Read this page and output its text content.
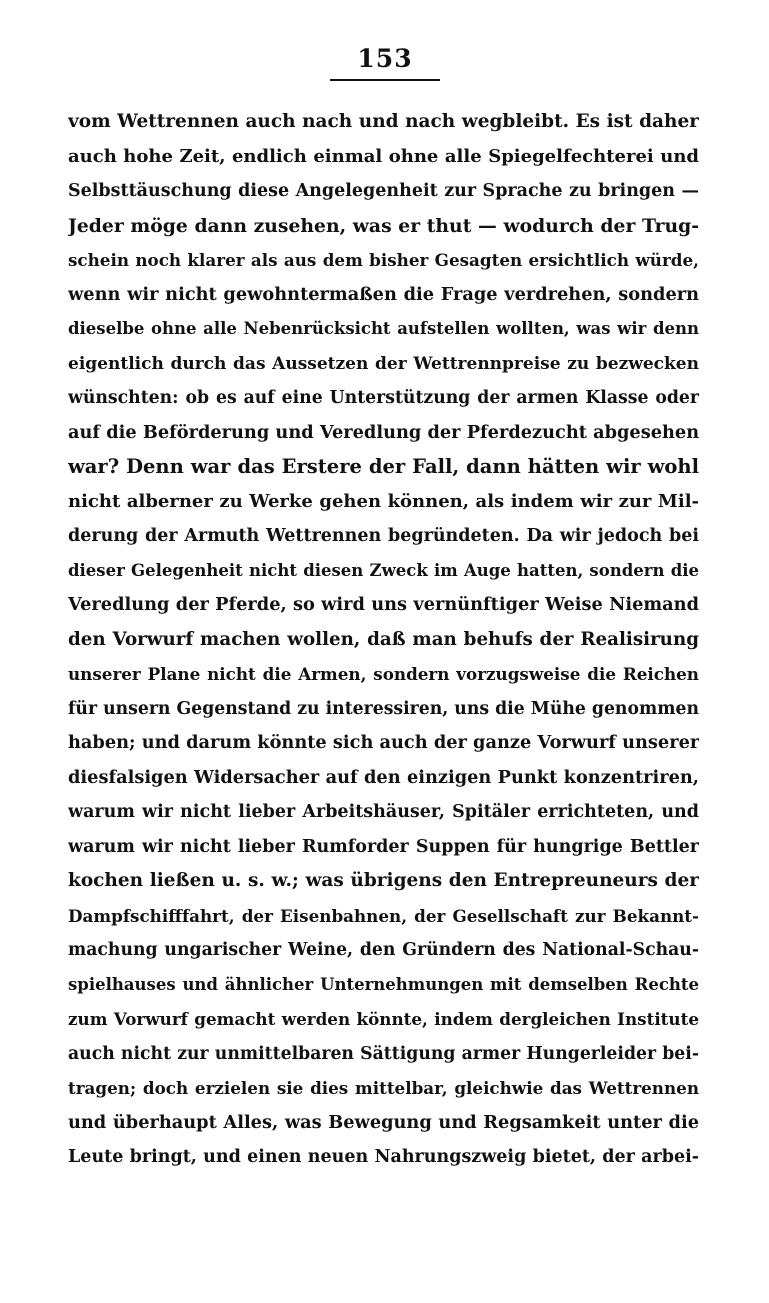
153
vom Wettrennen auch nach und nach wegbleibt. Es ist daher
auch hohe Zeit, endlich einmal ohne alle Spiegelfechterei und
Selbsttäuschung diese Angelegenheit zur Sprache zu bringen —
Jeder möge dann zusehen, was er thut — wodurch der Trug-
schein noch klarer als aus dem bisher Gesagten ersichtlich würde,
wenn wir nicht gewohntermaßen die Frage verdrehen, sondern
dieselbe ohne alle Nebenrücksicht aufstellen wollten, was wir denn
eigentlich durch das Aussetzen der Wettrennpreise zu bezwecken
wünschten: ob es auf eine Unterstützung der armen Klasse oder
auf die Beförderung und Veredlung der Pferdezucht abgesehen
war? Denn war das Erstere der Fall, dann hätten wir wohl
nicht alberner zu Werke gehen können, als indem wir zur Mil-
derung der Armuth Wettrennen begründeten. Da wir jedoch bei
dieser Gelegenheit nicht diesen Zweck im Auge hatten, sondern die
Veredlung der Pferde, so wird uns vernünftiger Weise Niemand
den Vorwurf machen wollen, daß man behufs der Realisirung
unserer Plane nicht die Armen, sondern vorzugsweise die Reichen
für unsern Gegenstand zu interessiren, uns die Mühe genommen
haben; und darum könnte sich auch der ganze Vorwurf unserer
diesfalsigen Widersacher auf den einzigen Punkt konzentriren,
warum wir nicht lieber Arbeitshäuser, Spitäler errichteten, und
warum wir nicht lieber Rumforder Suppen für hungrige Bettler
kochen ließen u. s. w.; was übrigens den Entrepreuneurs der
Dampfschifffahrt, der Eisenbahnen, der Gesellschaft zur Bekannt-
machung ungarischer Weine, den Gründern des National-Schau-
spielhauses und ähnlicher Unternehmungen mit demselben Rechte
zum Vorwurf gemacht werden könnte, indem dergleichen Institute
auch nicht zur unmittelbaren Sättigung armer Hungerleider bei-
tragen; doch erzielen sie dies mittelbar, gleichwie das Wettrennen
und überhaupt Alles, was Bewegung und Regsamkeit unter die
Leute bringt, und einen neuen Nahrungszweig bietet, der arbei-
